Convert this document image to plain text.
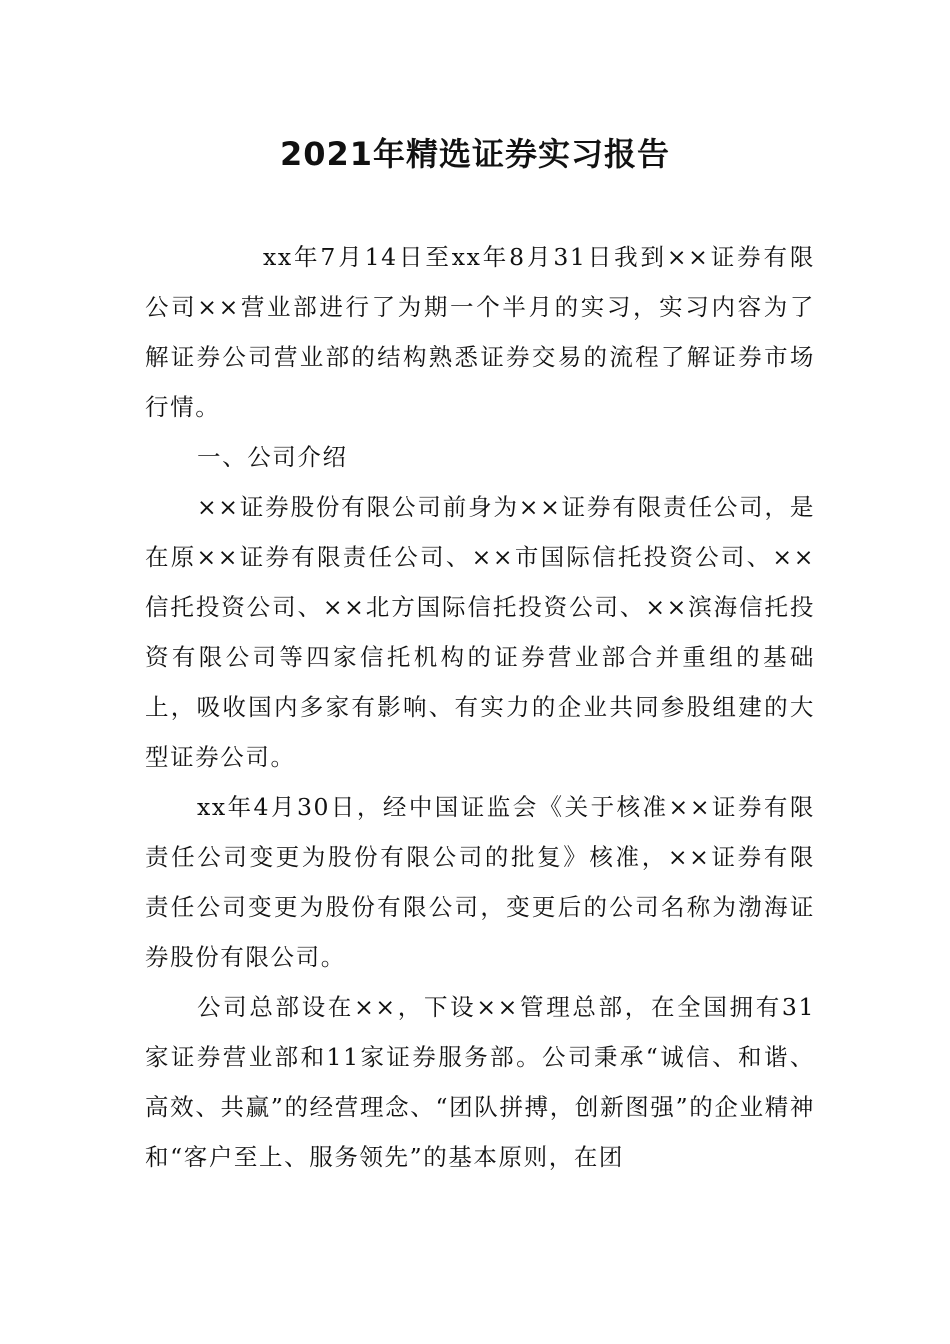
2021年精选证券实习报告

xx年7月14日至xx年8月31日我到××证券有限公司××营业部进行了为期一个半月的实习，实习内容为了解证券公司营业部的结构熟悉证券交易的流程了解证券市场行情。

一、公司介绍

××证券股份有限公司前身为××证券有限责任公司，是在原××证券有限责任公司、××市国际信托投资公司、××信托投资公司、××北方国际信托投资公司、××滨海信托投资有限公司等四家信托机构的证券营业部合并重组的基础上，吸收国内多家有影响、有实力的企业共同参股组建的大型证券公司。

xx年4月30日，经中国证监会《关于核准××证券有限责任公司变更为股份有限公司的批复》核准，××证券有限责任公司变更为股份有限公司，变更后的公司名称为渤海证券股份有限公司。

公司总部设在××，下设××管理总部，在全国拥有31家证券营业部和11家证券服务部。公司秉承“诚信、和谐、高效、共赢”的经营理念、“团队拼搏，创新图强”的企业精神和“客户至上、服务领先”的基本原则，在团
